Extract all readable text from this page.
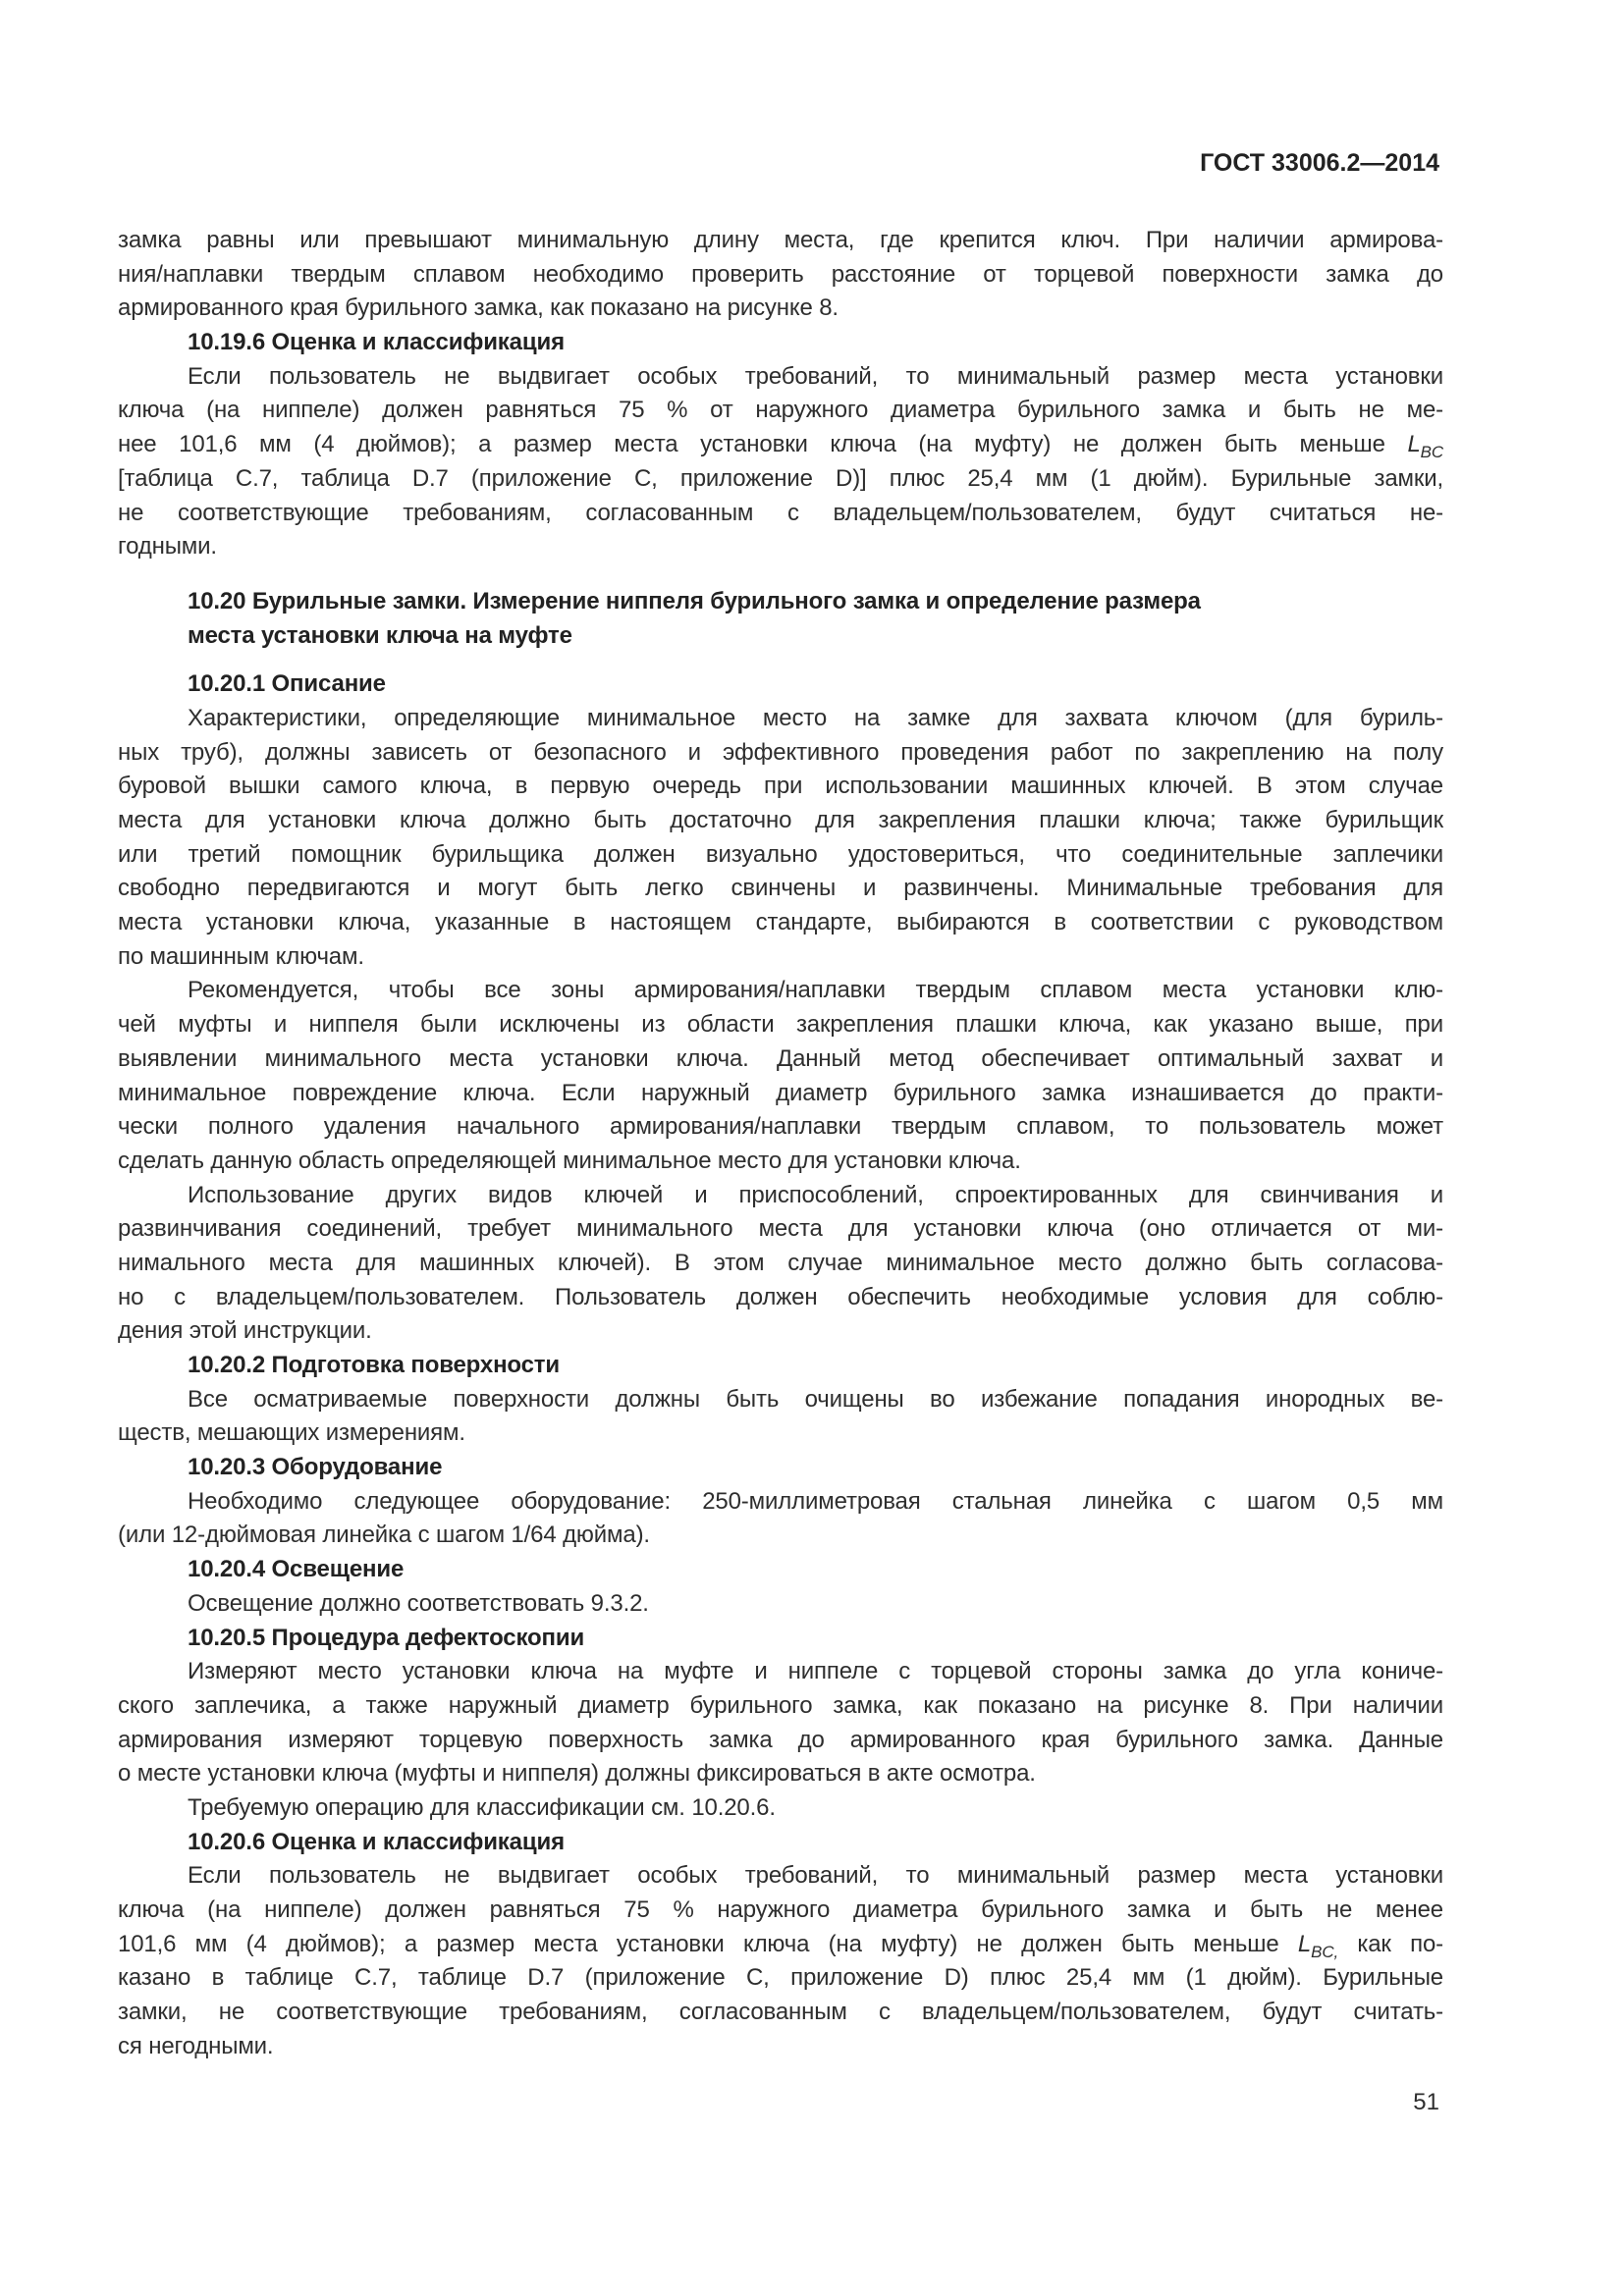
ГОСТ 33006.2—2014
замка равны или превышают минимальную длину места, где крепится ключ. При наличии армирова-
ния/наплавки твердым сплавом необходимо проверить расстояние от торцевой поверхности замка до
армированного края бурильного замка, как показано на рисунке 8.
10.19.6 Оценка и классификация
Если пользователь не выдвигает особых требований, то минимальный размер места установки
ключа (на ниппеле) должен равняться 75 % от наружного диаметра бурильного замка и быть не ме-
нее 101,6 мм (4 дюймов); а размер места установки ключа (на муфту) не должен быть меньше $L_{BC}$
[таблица C.7, таблица D.7 (приложение C, приложение D)] плюс 25,4 мм (1 дюйм). Бурильные замки,
не соответствующие требованиям, согласованным с владельцем/пользователем, будут считаться не-
годными.
10.20 Бурильные замки. Измерение ниппеля бурильного замка и определение размера
места установки ключа на муфте
10.20.1 Описание
Характеристики, определяющие минимальное место на замке для захвата ключом (для буриль-
ных труб), должны зависеть от безопасного и эффективного проведения работ по закреплению на полу
буровой вышки самого ключа, в первую очередь при использовании машинных ключей. В этом случае
места для установки ключа должно быть достаточно для закрепления плашки ключа; также бурильщик
или третий помощник бурильщика должен визуально удостовериться, что соединительные заплечики
свободно передвигаются и могут быть легко свинчены и развинчены. Минимальные требования для
места установки ключа, указанные в настоящем стандарте, выбираются в соответствии с руководством
по машинным ключам.
Рекомендуется, чтобы все зоны армирования/наплавки твердым сплавом места установки клю-
чей муфты и ниппеля были исключены из области закрепления плашки ключа, как указано выше, при
выявлении минимального места установки ключа. Данный метод обеспечивает оптимальный захват и
минимальное повреждение ключа. Если наружный диаметр бурильного замка изнашивается до практи-
чески полного удаления начального армирования/наплавки твердым сплавом, то пользователь может
сделать данную область определяющей минимальное место для установки ключа.
Использование других видов ключей и приспособлений, спроектированных для свинчивания и
развинчивания соединений, требует минимального места для установки ключа (оно отличается от ми-
нимального места для машинных ключей). В этом случае минимальное место должно быть согласова-
но с владельцем/пользователем. Пользователь должен обеспечить необходимые условия для соблю-
дения этой инструкции.
10.20.2 Подготовка поверхности
Все осматриваемые поверхности должны быть очищены во избежание попадания инородных ве-
ществ, мешающих измерениям.
10.20.3 Оборудование
Необходимо следующее оборудование: 250-миллиметровая стальная линейка с шагом 0,5 мм
(или 12-дюймовая линейка с шагом 1/64 дюйма).
10.20.4 Освещение
Освещение должно соответствовать 9.3.2.
10.20.5 Процедура дефектоскопии
Измеряют место установки ключа на муфте и ниппеле с торцевой стороны замка до угла кониче-
ского заплечика, а также наружный диаметр бурильного замка, как показано на рисунке 8. При наличии
армирования измеряют торцевую поверхность замка до армированного края бурильного замка. Данные
о месте установки ключа (муфты и ниппеля) должны фиксироваться в акте осмотра.
Требуемую операцию для классификации см. 10.20.6.
10.20.6 Оценка и классификация
Если пользователь не выдвигает особых требований, то минимальный размер места установки
ключа (на ниппеле) должен равняться 75 % наружного диаметра бурильного замка и быть не менее
101,6 мм (4 дюймов); а размер места установки ключа (на муфту) не должен быть меньше $L_{BC,}$ как по-
казано в таблице C.7, таблице D.7 (приложение C, приложение D) плюс 25,4 мм (1 дюйм). Бурильные
замки, не соответствующие требованиям, согласованным с владельцем/пользователем, будут считать-
ся негодными.
51
